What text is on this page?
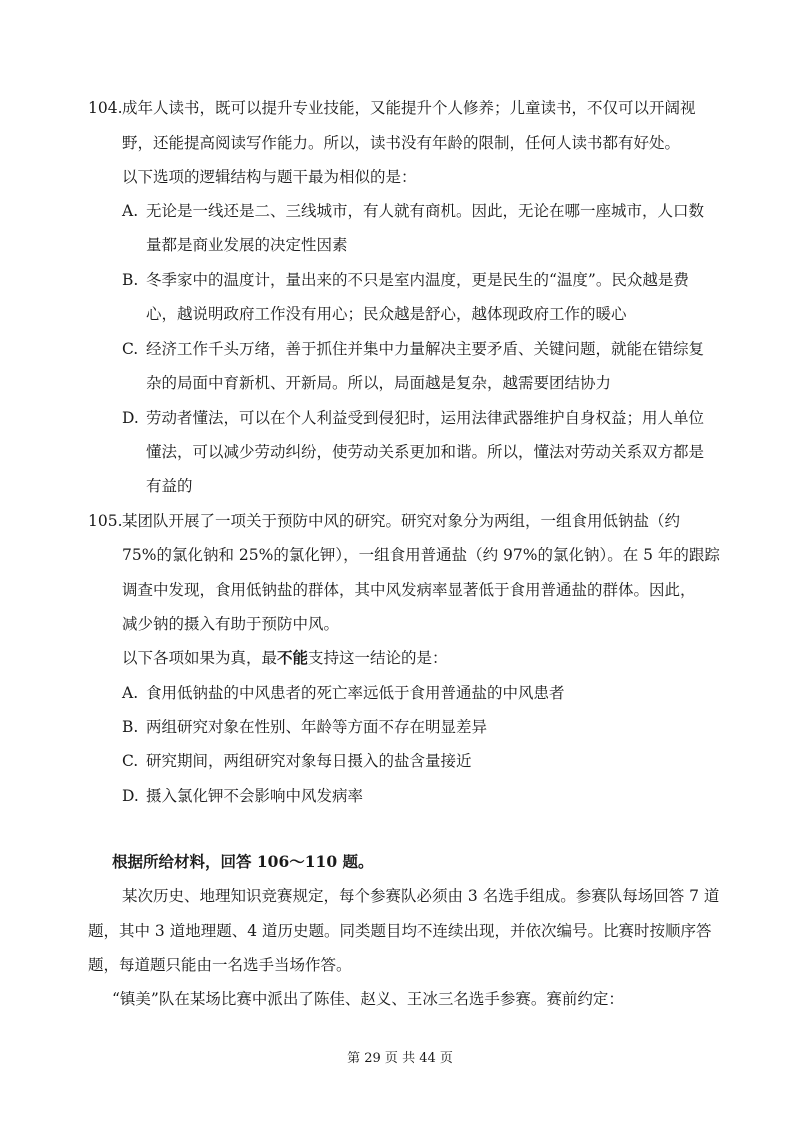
104. 成年人读书，既可以提升专业技能，又能提升个人修养；儿童读书，不仅可以开阔视
野，还能提高阅读写作能力。所以，读书没有年龄的限制，任何人读书都有好处。
以下选项的逻辑结构与题干最为相似的是：
A. 无论是一线还是二、三线城市，有人就有商机。因此，无论在哪一座城市，人口数
量都是商业发展的决定性因素
B. 冬季家中的温度计，量出来的不只是室内温度，更是民生的“温度”。民众越是费
心，越说明政府工作没有用心；民众越是舒心，越体现政府工作的暖心
C. 经济工作千头万绪，善于抓住并集中力量解决主要矛盾、关键问题，就能在错综复
杂的局面中育新机、开新局。所以，局面越是复杂，越需要团结协力
D. 劳动者懂法，可以在个人利益受到侵犯时，运用法律武器维护自身权益；用人单位
懂法，可以减少劳动纠纷，使劳动关系更加和谐。所以，懂法对劳动关系双方都是
有益的
105. 某团队开展了一项关于预防中风的研究。研究对象分为两组，一组食用低钠盐（约
75%的氯化钠和 25%的氯化钾），一组食用普通盐（约 97%的氯化钠）。在 5 年的跟踪
调查中发现，食用低钠盐的群体，其中风发病率显著低于食用普通盐的群体。因此，
减少钠的摄入有助于预防中风。
以下各项如果为真，最不能支持这一结论的是：
A. 食用低钠盐的中风患者的死亡率远低于食用普通盐的中风患者
B. 两组研究对象在性别、年龄等方面不存在明显差异
C. 研究期间，两组研究对象每日摄入的盐含量接近
D. 摄入氯化钾不会影响中风发病率
根据所给材料，回答 106～110 题。
某次历史、地理知识竞赛规定，每个参赛队必须由 3 名选手组成。参赛队每场回答 7 道
题，其中 3 道地理题、4 道历史题。同类题目均不连续出现，并依次编号。比赛时按顺序答
题，每道题只能由一名选手当场作答。
“镇美”队在某场比赛中派出了陈佳、赵义、王冰三名选手参赛。赛前约定：
第 29 页 共 44 页
